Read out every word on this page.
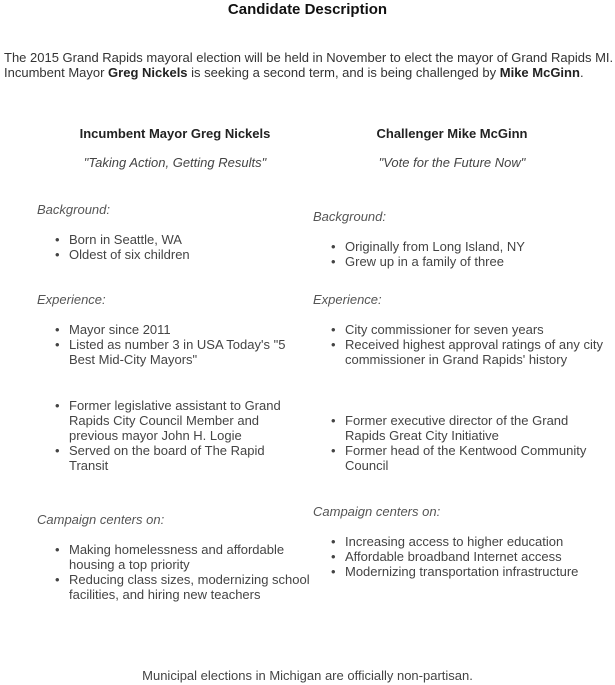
Candidate Description

The 2015 Grand Rapids mayoral election will be held in November to elect the mayor of Grand Rapids MI. Incumbent Mayor Greg Nickels is seeking a second term, and is being challenged by Mike McGinn.

Incumbent Mayor Greg Nickels

"Taking Action, Getting Results"

Background:

• Born in Seattle, WA
• Oldest of six children

Experience:

• Mayor since 2011
• Listed as number 3 in USA Today's "5 Best Mid-City Mayors"
• Former legislative assistant to Grand Rapids City Council Member and previous mayor John H. Logie
• Served on the board of The Rapid Transit

Campaign centers on:

• Making homelessness and affordable housing a top priority
• Reducing class sizes, modernizing school facilities, and hiring new teachers

Challenger Mike McGinn

"Vote for the Future Now"

Background:

• Originally from Long Island, NY
• Grew up in a family of three

Experience:

• City commissioner for seven years
• Received highest approval ratings of any city commissioner in Grand Rapids' history
• Former executive director of the Grand Rapids Great City Initiative
• Former head of the Kentwood Community Council

Campaign centers on:

• Increasing access to higher education
• Affordable broadband Internet access
• Modernizing transportation infrastructure

Municipal elections in Michigan are officially non-partisan.
